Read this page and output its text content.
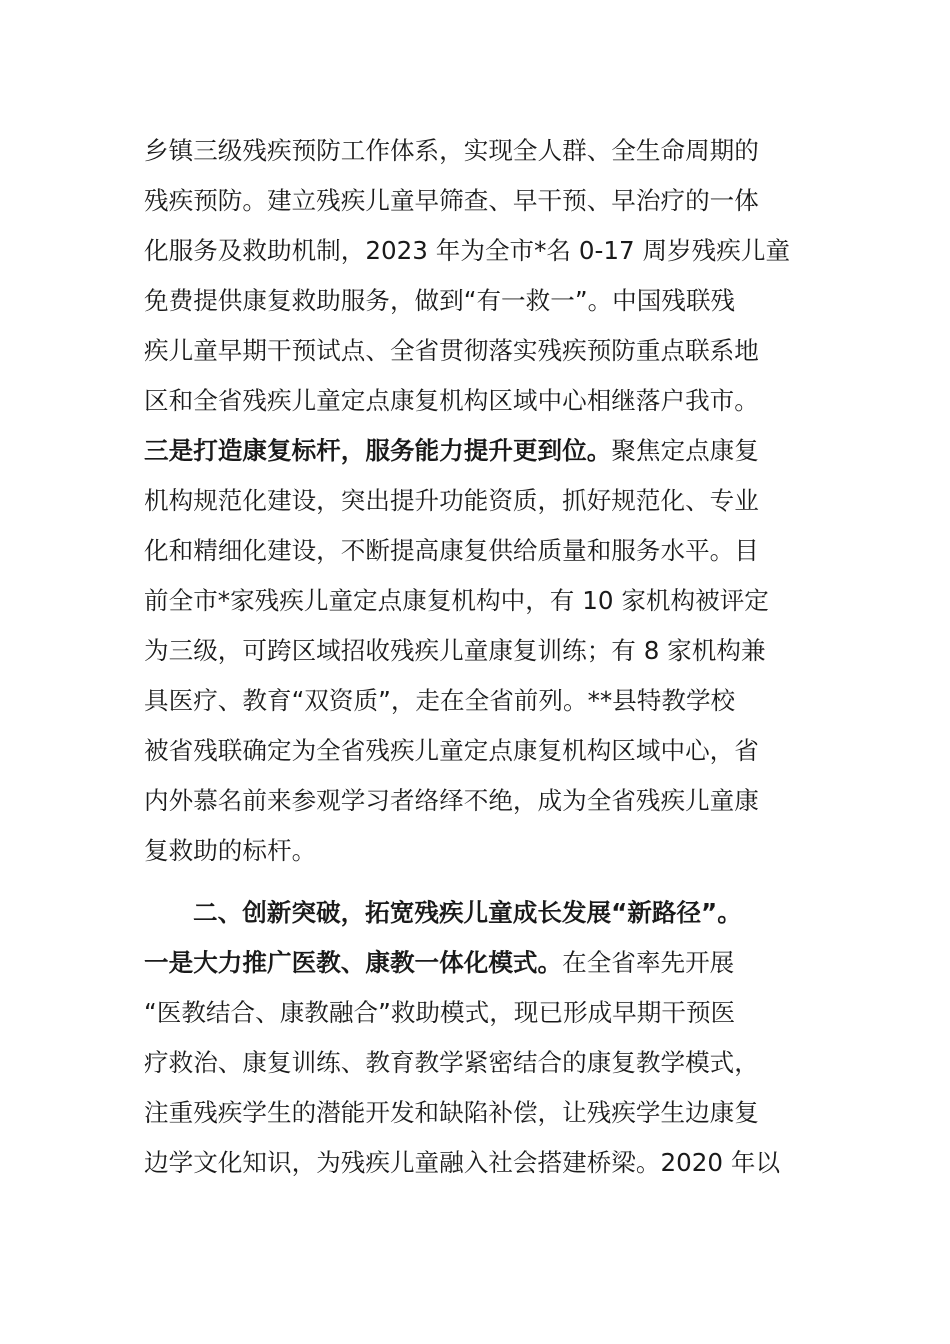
乡镇三级残疾预防工作体系，实现全人群、全生命周期的
残疾预防。建立残疾儿童早筛查、早干预、早治疗的一体
化服务及救助机制，2023 年为全市*名 0-17 周岁残疾儿童
免费提供康复救助服务，做到“有一救一”。中国残联残
疾儿童早期干预试点、全省贯彻落实残疾预防重点联系地
区和全省残疾儿童定点康复机构区域中心相继落户我市。
三是打造康复标杆，服务能力提升更到位。聚焦定点康复
机构规范化建设，突出提升功能资质，抓好规范化、专业
化和精细化建设，不断提高康复供给质量和服务水平。目
前全市*家残疾儿童定点康复机构中，有 10 家机构被评定
为三级，可跨区域招收残疾儿童康复训练；有 8 家机构兼
具医疗、教育“双资质”，走在全省前列。**县特教学校
被省残联确定为全省残疾儿童定点康复机构区域中心，省
内外慕名前来参观学习者络绎不绝，成为全省残疾儿童康
复救助的标杆。
二、创新突破，拓宽残疾儿童成长发展“新路径”。
一是大力推广医教、康教一体化模式。在全省率先开展
“医教结合、康教融合”救助模式，现已形成早期干预医
疗救治、康复训练、教育教学紧密结合的康复教学模式，
注重残疾学生的潜能开发和缺陷补偿，让残疾学生边康复
边学文化知识，为残疾儿童融入社会搭建桥梁。2020 年以
